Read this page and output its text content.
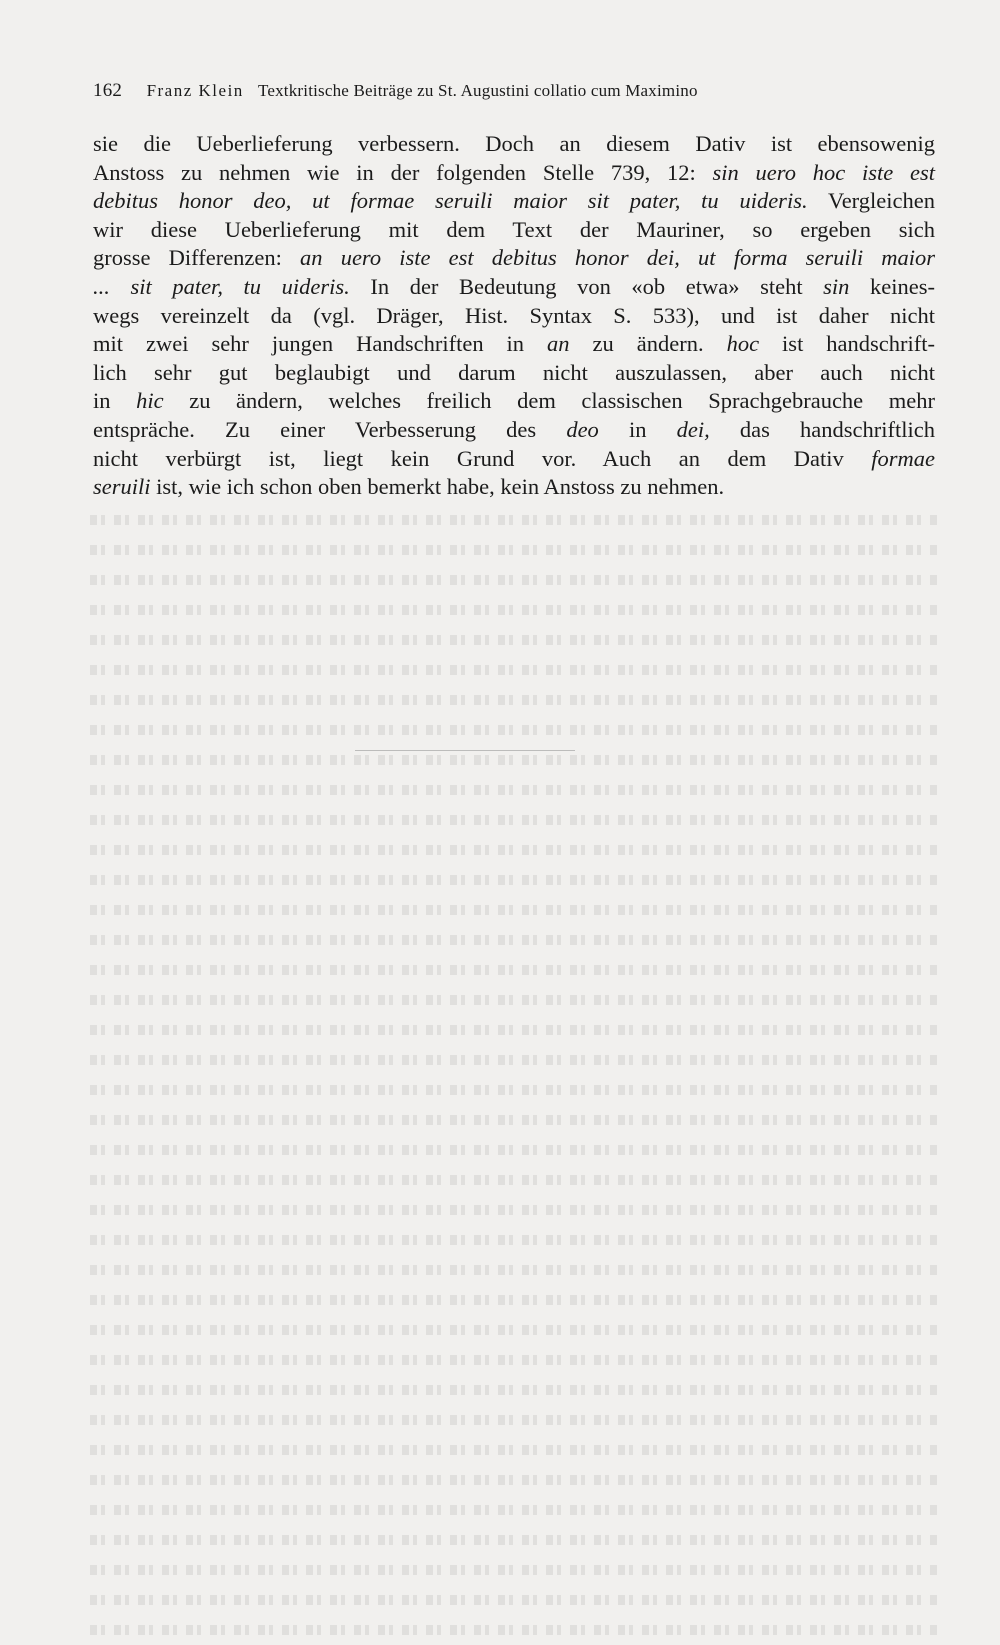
162 Franz Klein Textkritische Beiträge zu St. Augustini collatio cum Maximino
sie die Ueberlieferung verbessern. Doch an diesem Dativ ist ebensowenig
Anstoss zu nehmen wie in der folgenden Stelle 739, 12: sin uero hoc iste est
debitus honor deo, ut formae seruili maior sit pater, tu uideris. Vergleichen
wir diese Ueberlieferung mit dem Text der Mauriner, so ergeben sich
grosse Differenzen: an uero iste est debitus honor dei, ut forma seruili maior
... sit pater, tu uideris. In der Bedeutung von «ob etwa» steht sin keines-
wegs vereinzelt da (vgl. Dräger, Hist. Syntax S. 533), und ist daher nicht
mit zwei sehr jungen Handschriften in an zu ändern. hoc ist handschrift-
lich sehr gut beglaubigt und darum nicht auszulassen, aber auch nicht
in hic zu ändern, welches freilich dem classischen Sprachgebrauche mehr
entspräche. Zu einer Verbesserung des deo in dei, das handschriftlich
nicht verbürgt ist, liegt kein Grund vor. Auch an dem Dativ formae
seruili ist, wie ich schon oben bemerkt habe, kein Anstoss zu nehmen.
